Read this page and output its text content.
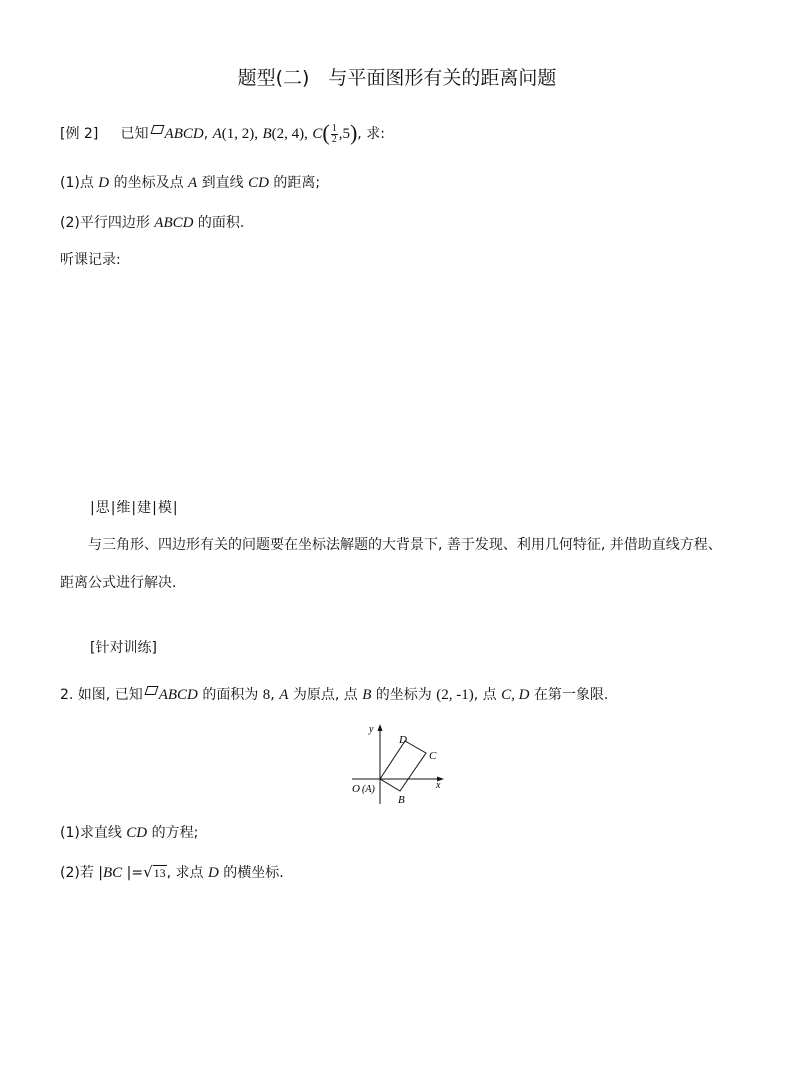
题型(二)　与平面图形有关的距离问题
[例 2] 已知 ABCD, A(1, 2), B(2, 4), $C( \frac{1}{2} ,5)$, 求:
(1)点 D 的坐标及点 A 到直线 CD 的距离;
(2)平行四边形 ABCD 的面积.
听课记录:
|思|维|建|模|
与三角形、四边形有关的问题要在坐标法解题的大背景下, 善于发现、利用几何特征, 并借助直线方程、
距离公式进行解决.
[针对训练]
2. 如图, 已知 ABCD 的面积为 8, A 为原点, 点 B 的坐标为 (2, -1), 点 C, D 在第一象限.
y
x
O (A)
B
C
D
(1)求直线 CD 的方程;
(2)若 |BC |=√13, 求点 D 的横坐标.
